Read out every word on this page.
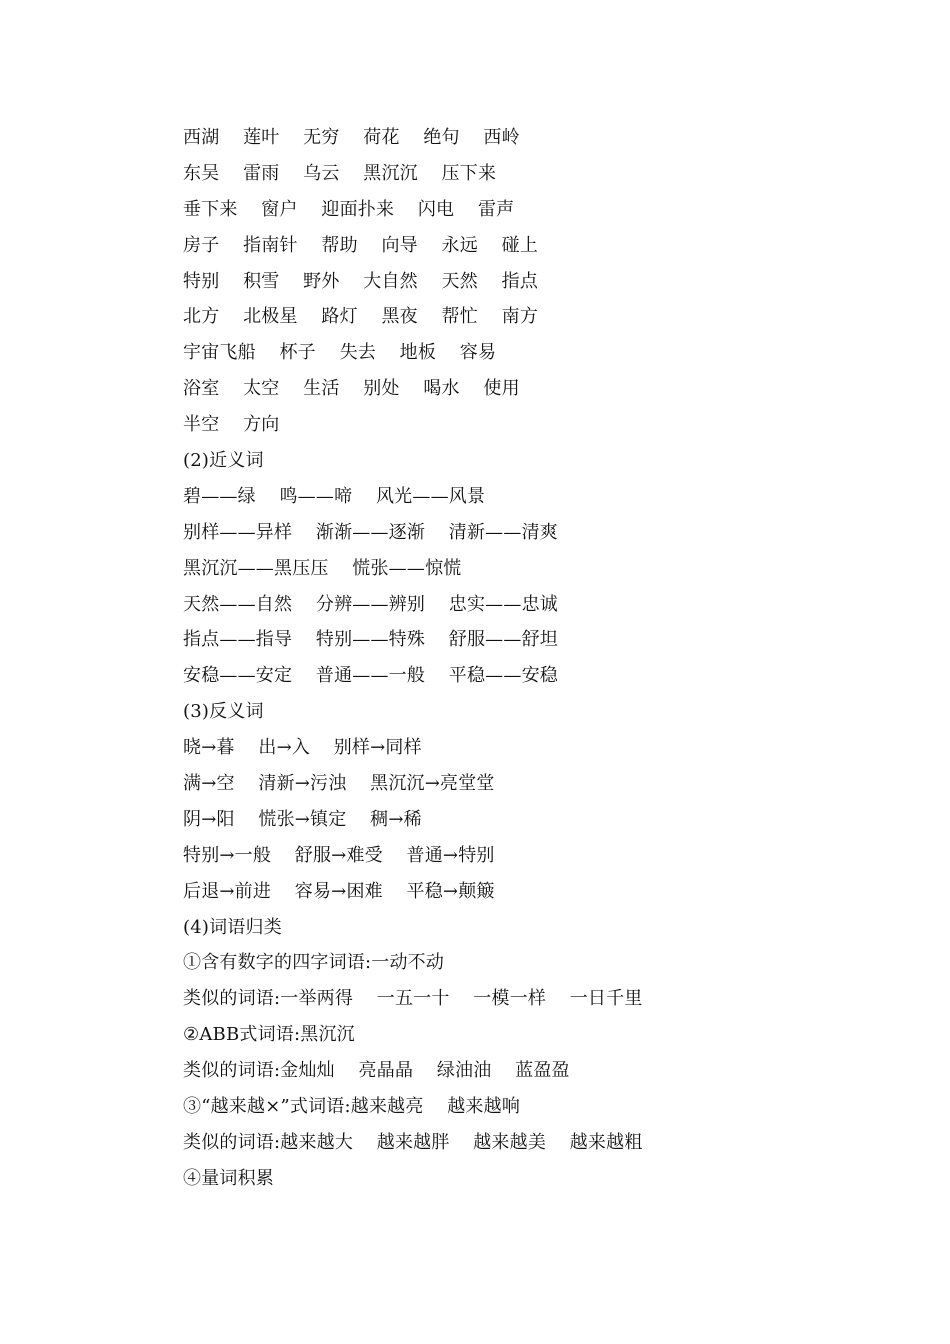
西湖    莲叶    无穷    荷花    绝句    西岭
东吴    雷雨    乌云    黑沉沉    压下来
垂下来    窗户    迎面扑来    闪电    雷声
房子    指南针    帮助    向导    永远    碰上
特别    积雪    野外    大自然    天然    指点
北方    北极星    路灯    黑夜    帮忙    南方
宇宙飞船    杯子    失去    地板    容易
浴室    太空    生活    别处    喝水    使用
半空    方向
(2)近义词
碧——绿    鸣——啼    风光——风景
别样——异样    渐渐——逐渐    清新——清爽
黑沉沉——黑压压    慌张——惊慌
天然——自然    分辨——辨别    忠实——忠诚
指点——指导    特别——特殊    舒服——舒坦
安稳——安定    普通——一般    平稳——安稳
(3)反义词
晓→暮    出→入    别样→同样
满→空    清新→污浊    黑沉沉→亮堂堂
阴→阳    慌张→镇定    稠→稀
特别→一般    舒服→难受    普通→特别
后退→前进    容易→困难    平稳→颠簸
(4)词语归类
①含有数字的四字词语:一动不动
类似的词语:一举两得    一五一十    一模一样    一日千里
②ABB式词语:黑沉沉
类似的词语:金灿灿    亮晶晶    绿油油    蓝盈盈
③“越来越×”式词语:越来越亮    越来越响
类似的词语:越来越大    越来越胖    越来越美    越来越粗
④量词积累
